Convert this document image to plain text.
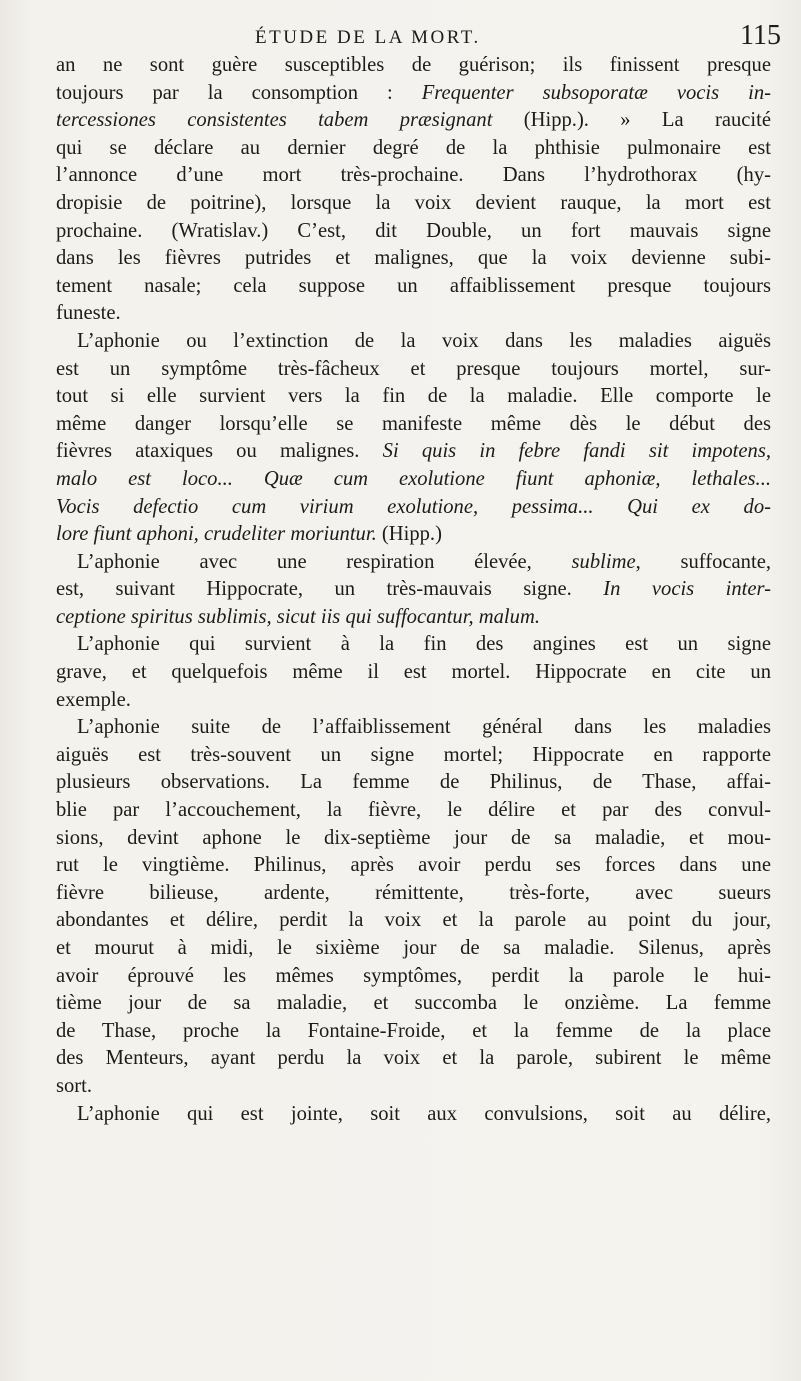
ÉTUDE DE LA MORT.	115
an ne sont guère susceptibles de guérison; ils finissent presque
toujours par la consomption : Frequenter subsoporatæ vocis in-
tercessiones consistentes tabem præsignant (Hipp.). » La raucité
qui se déclare au dernier degré de la phthisie pulmonaire est
l’annonce d’une mort très-prochaine. Dans l’hydrothorax (hy-
dropisie de poitrine), lorsque la voix devient rauque, la mort est
prochaine. (Wratislav.) C’est, dit Double, un fort mauvais signe
dans les fièvres putrides et malignes, que la voix devienne subi-
tement nasale; cela suppose un affaiblissement presque toujours
funeste.
L’aphonie ou l’extinction de la voix dans les maladies aiguës
est un symptôme très-fâcheux et presque toujours mortel, sur-
tout si elle survient vers la fin de la maladie. Elle comporte le
même danger lorsqu’elle se manifeste même dès le début des
fièvres ataxiques ou malignes. Si quis in febre fandi sit impotens,
malo est loco... Quæ cum exolutione fiunt aphoniæ, lethales...
Vocis defectio cum virium exolutione, pessima... Qui ex do-
lore fiunt aphoni, crudeliter moriuntur. (Hipp.)
L’aphonie avec une respiration élevée, sublime, suffocante,
est, suivant Hippocrate, un très-mauvais signe. In vocis inter-
ceptione spiritus sublimis, sicut iis qui suffocantur, malum.
L’aphonie qui survient à la fin des angines est un signe
grave, et quelquefois même il est mortel. Hippocrate en cite un
exemple.
L’aphonie suite de l’affaiblissement général dans les maladies
aiguës est très-souvent un signe mortel; Hippocrate en rapporte
plusieurs observations. La femme de Philinus, de Thase, affai-
blie par l’accouchement, la fièvre, le délire et par des convul-
sions, devint aphone le dix-septième jour de sa maladie, et mou-
rut le vingtième. Philinus, après avoir perdu ses forces dans une
fièvre bilieuse, ardente, rémittente, très-forte, avec sueurs
abondantes et délire, perdit la voix et la parole au point du jour,
et mourut à midi, le sixième jour de sa maladie. Silenus, après
avoir éprouvé les mêmes symptômes, perdit la parole le hui-
tième jour de sa maladie, et succomba le onzième. La femme
de Thase, proche la Fontaine-Froide, et la femme de la place
des Menteurs, ayant perdu la voix et la parole, subirent le même
sort.
L’aphonie qui est jointe, soit aux convulsions, soit au délire,
